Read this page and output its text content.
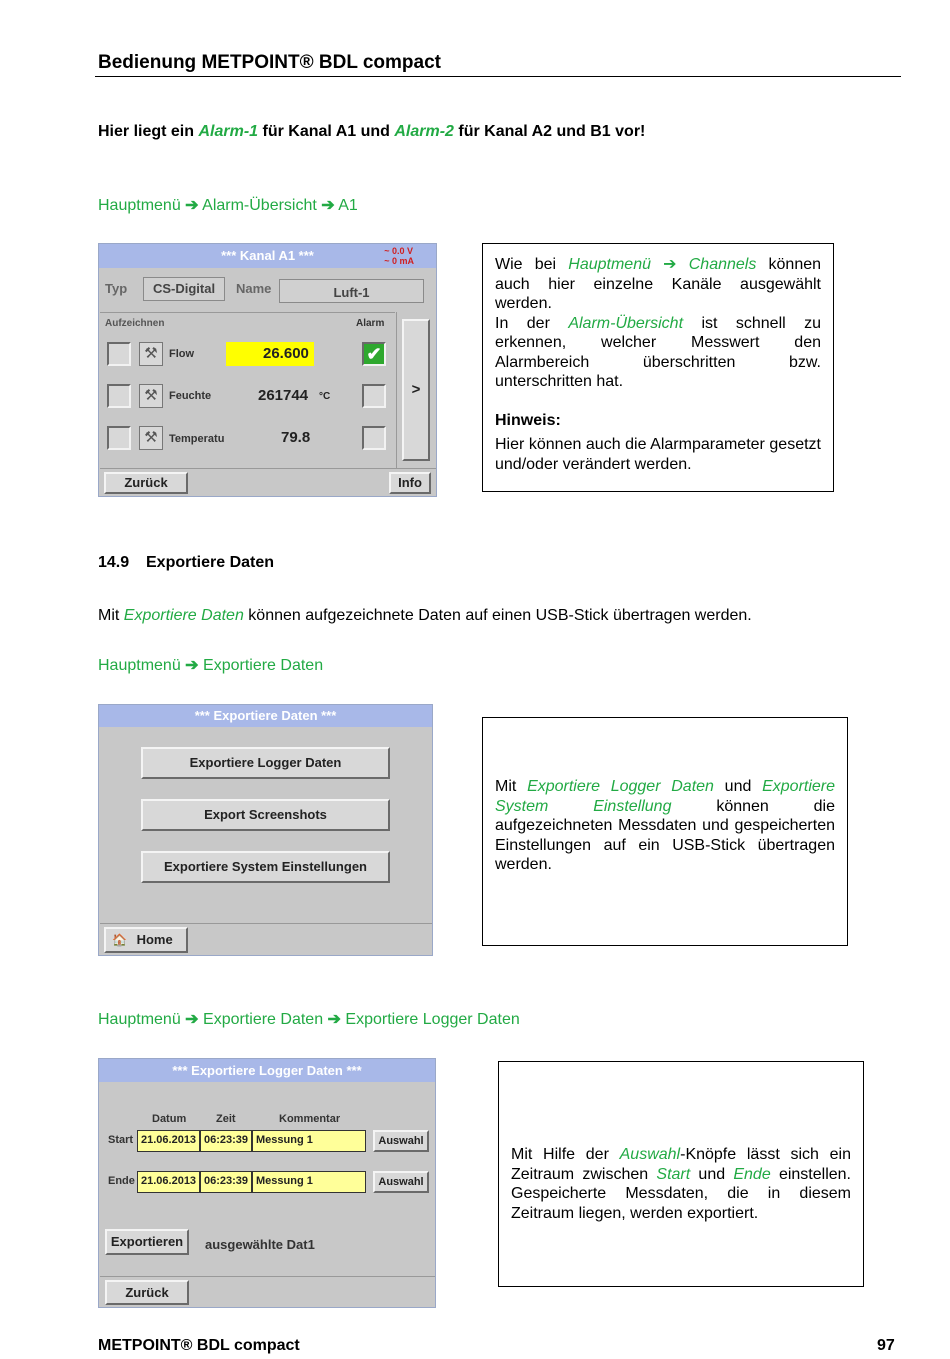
Bedienung METPOINT® BDL compact
Hier liegt ein Alarm-1 für Kanal A1 und Alarm-2 für Kanal A2 und B1 vor!
Hauptmenü ➔ Alarm-Übersicht ➔ A1
*** Kanal A1 ***	~ 0.0 V
~ 0 mA
Typ	CS-Digital	Name	Luft-1
Aufzeichnen	Alarm
⚒	Flow	26.600	✔
⚒	Feuchte	261744 °C
⚒	Temperatu	79.8
>
Zurück	Info

Wie bei Hauptmenü ➔ Channels können auch hier einzelne Kanäle ausgewählt werden.

In der Alarm-Übersicht ist schnell zu erkennen, welcher Messwert den Alarmbereich überschritten bzw. unterschritten hat.

Hinweis:

Hier können auch die Alarmparameter gesetzt und/oder verändert werden.

14.9 Exportiere Daten
Mit Exportiere Daten können aufgezeichnete Daten auf einen USB-Stick übertragen werden.
Hauptmenü ➔ Exportiere Daten
*** Exportiere Daten ***
Exportiere Logger Daten
Export Screenshots
Exportiere System Einstellungen
🏠 Home

Mit Exportiere Logger Daten und Exportiere System Einstellung können die aufgezeichneten Messdaten und gespeicherten Einstellungen auf ein USB-Stick übertragen werden.

Hauptmenü ➔ Exportiere Daten ➔ Exportiere Logger Daten
*** Exportiere Logger Daten ***
Datum	Zeit	Kommentar
Start 21.06.2013 06:23:39 Messung 1	Auswahl
Ende 21.06.2013 06:23:39 Messung 1	Auswahl
Exportieren	ausgewählte Dat1
Zurück

Mit Hilfe der Auswahl-Knöpfe lässt sich ein Zeitraum zwischen Start und Ende einstellen. Gespeicherte Messdaten, die in diesem Zeitraum liegen, werden exportiert.

METPOINT® BDL compact	97
